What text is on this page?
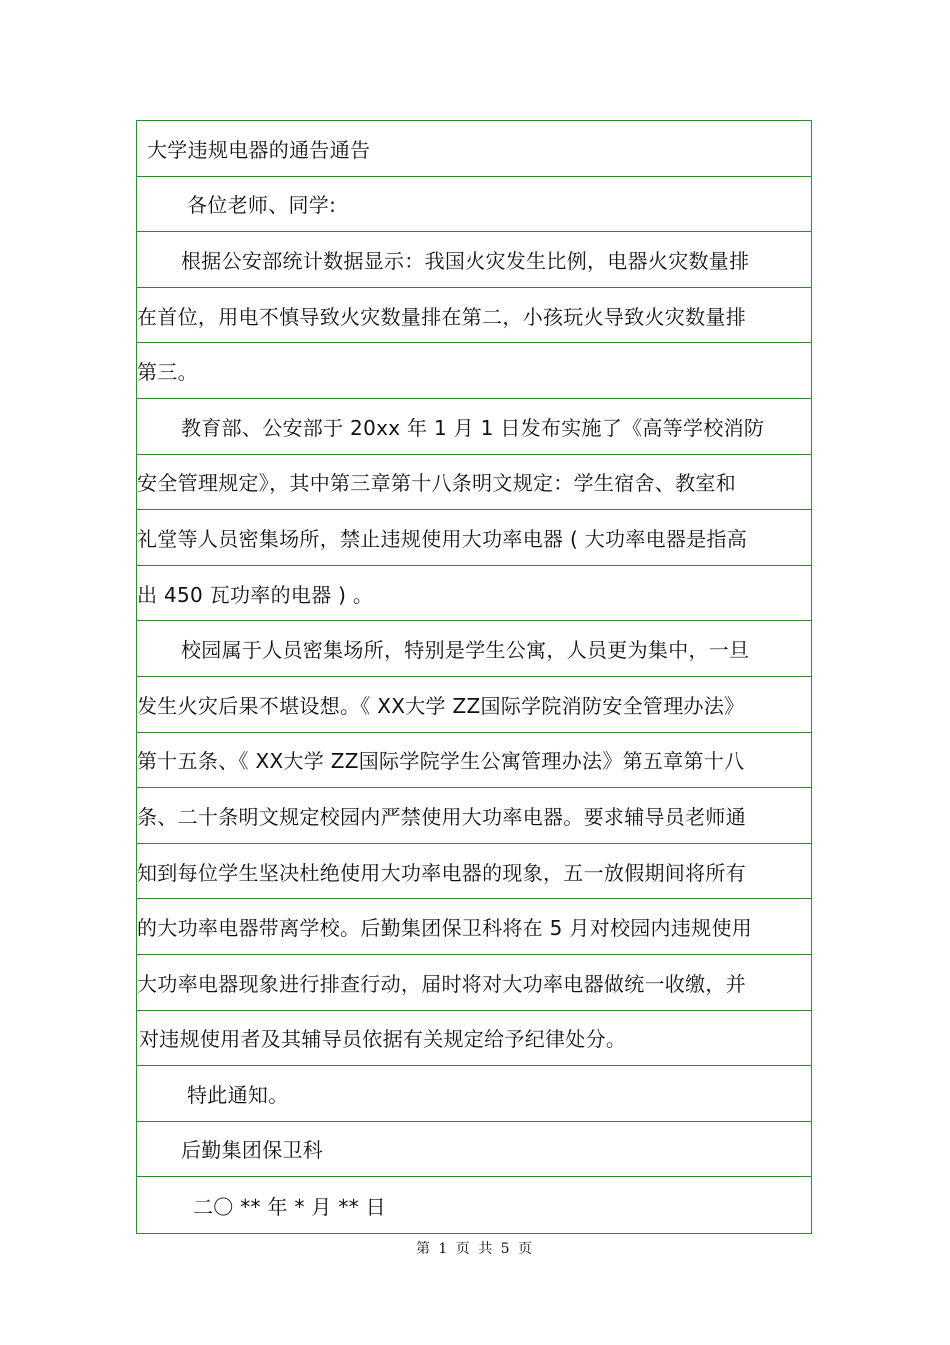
大学违规电器的通告通告
各位老师、同学:
根据公安部统计数据显示：我国火灾发生比例，电器火灾数量排
在首位，用电不慎导致火灾数量排在第二，小孩玩火导致火灾数量排
第三。
教育部、公安部于 20xx 年 1 月 1 日发布实施了《高等学校消防
安全管理规定》，其中第三章第十八条明文规定：学生宿舍、教室和
礼堂等人员密集场所，禁止违规使用大功率电器 ( 大功率电器是指高
出 450 瓦功率的电器 ) 。
校园属于人员密集场所，特别是学生公寓，人员更为集中，一旦
发生火灾后果不堪设想。《 XX大学 ZZ国际学院消防安全管理办法》
第十五条、《 XX大学 ZZ国际学院学生公寓管理办法》第五章第十八
条、二十条明文规定校园内严禁使用大功率电器。要求辅导员老师通
知到每位学生坚决杜绝使用大功率电器的现象，五一放假期间将所有
的大功率电器带离学校。后勤集团保卫科将在 5 月对校园内违规使用
大功率电器现象进行排查行动，届时将对大功率电器做统一收缴，并
对违规使用者及其辅导员依据有关规定给予纪律处分。
特此通知。
后勤集团保卫科
二〇 ** 年 * 月 ** 日
第 1 页 共 5 页
